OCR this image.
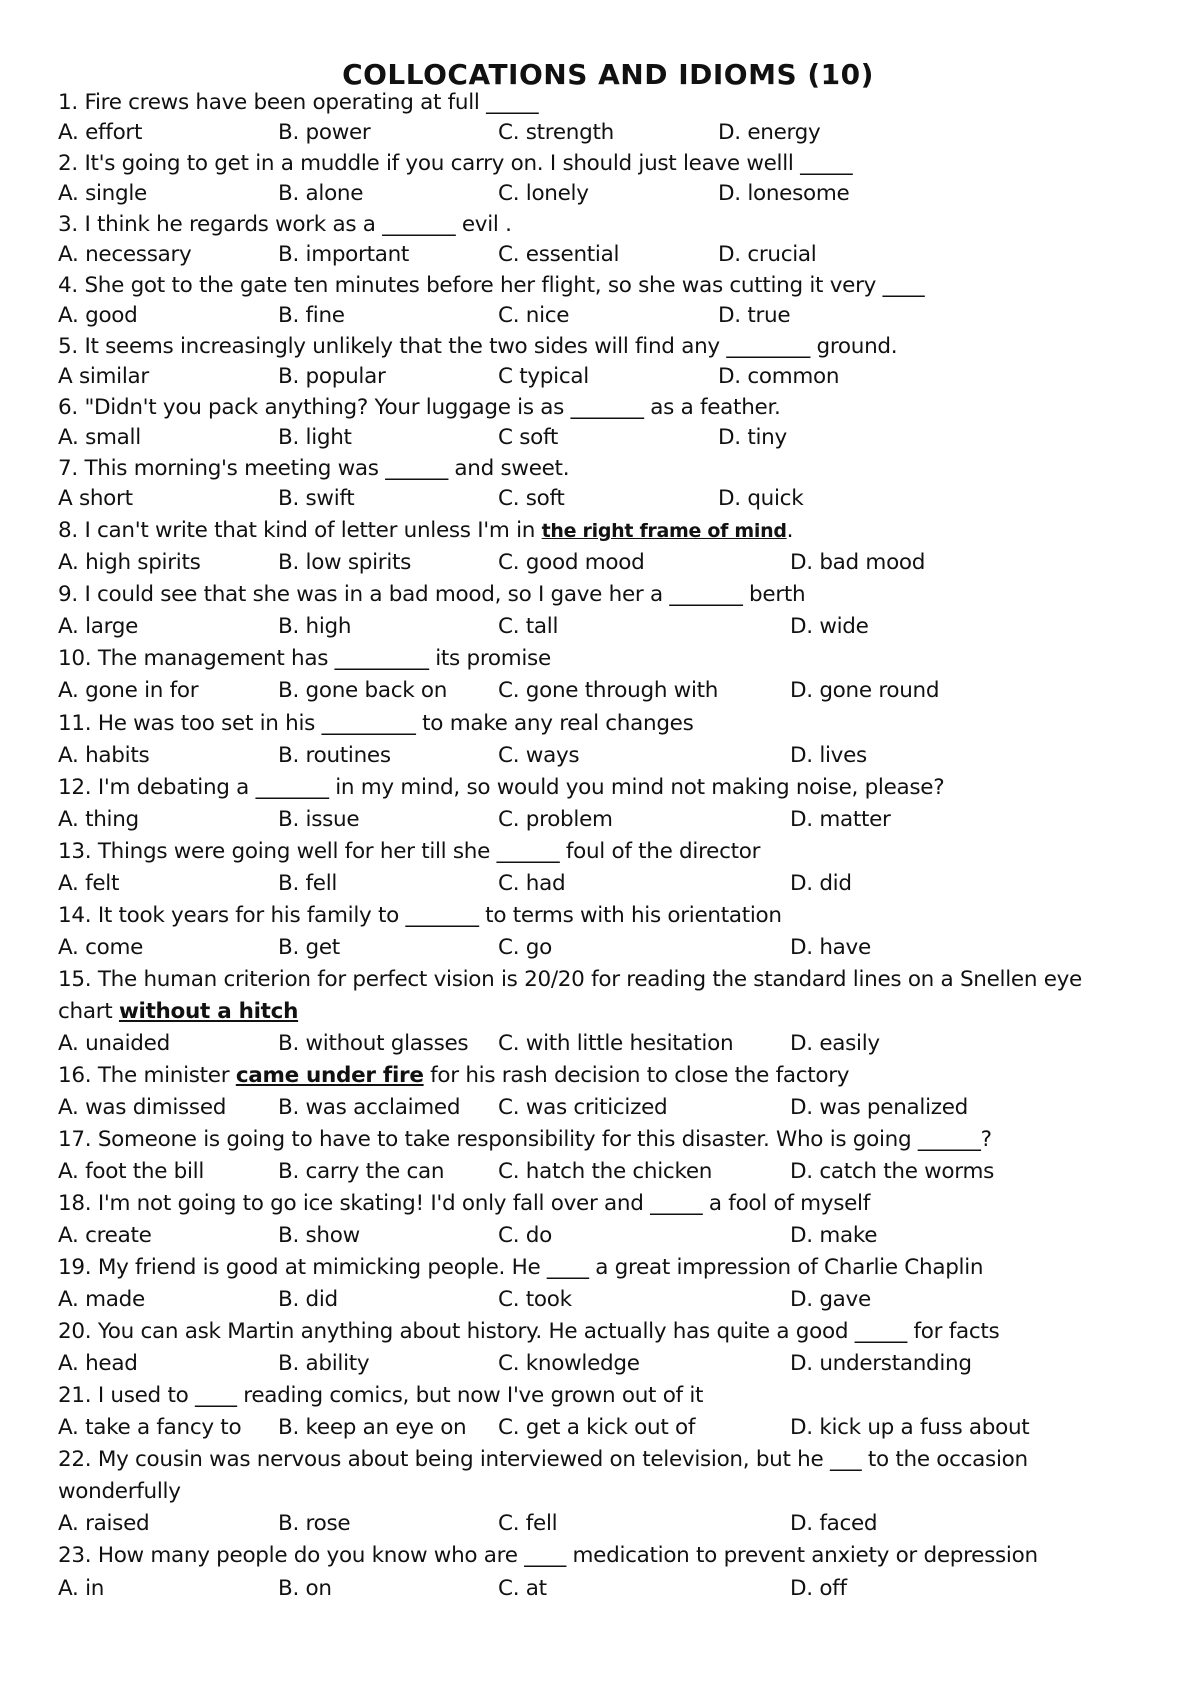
COLLOCATIONS AND IDIOMS (10)
1. Fire crews have been operating at full _____
A. effort	B. power	C. strength	D. energy
2. It's going to get in a muddle if you carry on. I should just leave welll _____
A. single	B. alone	C. lonely	D. lonesome
3. I think he regards work as a _______ evil .
A. necessary	B. important	C. essential	D. crucial
4. She got to the gate ten minutes before her flight, so she was cutting it very ____
A. good	B. fine	C. nice	D. true
5. It seems increasingly unlikely that the two sides will find any ________ ground.
A similar	B. popular	C typical	D. common
6. "Didn't you pack anything? Your luggage is as _______ as a feather.
A. small	B. light	C soft	D. tiny
7. This morning's meeting was ______ and sweet.
A short	B. swift	C. soft	D. quick
8. I can't write that kind of letter unless I'm in the right frame of mind.
A. high spirits	B. low spirits	C. good mood	D. bad mood
9. I could see that she was in a bad mood, so I gave her a _______ berth
A. large	B. high	C. tall	D. wide
10. The management has _________ its promise
A. gone in for	B. gone back on C. gone through with	D. gone round
11. He was too set in his _________ to make any real changes
A. habits	B. routines	C. ways	D. lives
12. I'm debating a _______ in my mind, so would you mind not making noise, please?
A. thing	B. issue	C. problem	D. matter
13. Things were going well for her till she ______ foul of the director
A. felt	B. fell	C. had	D. did
14. It took years for his family to _______ to terms with his orientation
A. come	B. get	C. go	D. have
15. The human criterion for perfect vision is 20/20 for reading the standard lines on a Snellen eye
chart without a hitch
A. unaided	B. without glasses C. with little hesitation	D. easily
16. The minister came under fire for his rash decision to close the factory
A. was dimissed B. was acclaimed C. was criticized	D. was penalized
17. Someone is going to have to take responsibility for this disaster. Who is going ______?
A. foot the bill	B. carry the can	C. hatch the chicken	D. catch the worms
18. I'm not going to go ice skating! I'd only fall over and _____ a fool of myself
A. create	B. show	C. do	D. make
19. My friend is good at mimicking people. He ____ a great impression of Charlie Chaplin
A. made	B. did	C. took	D. gave
20. You can ask Martin anything about history. He actually has quite a good _____ for facts
A. head	B. ability	C. knowledge	D. understanding
21. I used to ____ reading comics, but now I've grown out of it
A. take a fancy to B. keep an eye on C. get a kick out of	D. kick up a fuss about
22. My cousin was nervous about being interviewed on television, but he ___ to the occasion
wonderfully
A. raised	B. rose	C. fell	D. faced
23. How many people do you know who are ____ medication to prevent anxiety or depression
A. in	B. on	C. at	D. off
